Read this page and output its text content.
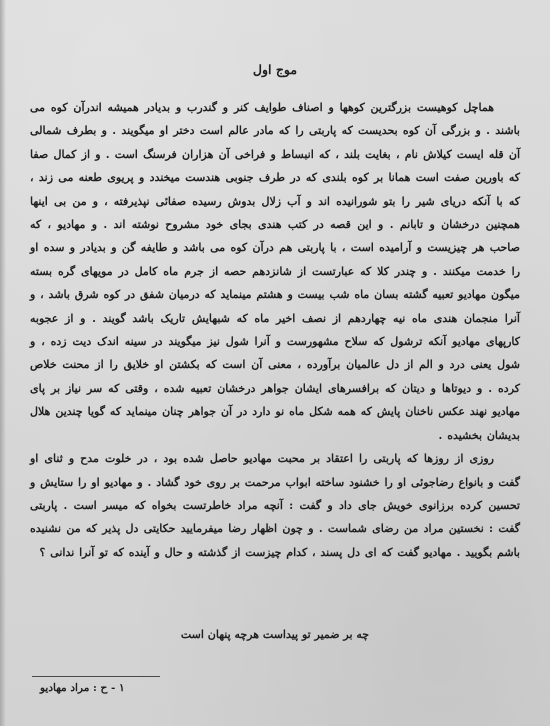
موج اول

هماچل کوهیست بزرگترین کوهها و اصناف طوایف کنر و گندرب و بدیادر همیشه اندرآن کوه می باشند . و بزرگی آن کوه بحدیست که پاربتی را که مادر عالم است دختر او میگویند . و بطرف شمالی آن قله ایست کیلاش نام ، بغایت بلند ، که انبساط و فراخی آن هزاران فرسنگ است . و از کمال صفا که باورین صفت است همانا بر کوه بلندی که در طرف جنوبی هندست میخندد و پریوی طعنه می زند ، که با آنکه دریای شیر را بتو شورانیده اند و آب زلال بدوش رسیده صفائی نپذیرفته ، و من بی اینها همچنین درخشان و تابانم . و این قصه در کتب هندی بجای خود مشروح نوشته اند . و مهادیو ، که صاحب هر چیزیست و آرامیده است ، با پاربتی هم درآن کوه می باشد و طایفه گن و بدیادر و سده او را خدمت میکنند . و چندر کلا که عبارتست از شانزدهم حصه از جرم ماه کامل در مویهای گره بسته میگون مهادیو تعبیه گشته بسان ماه شب بیست و هشتم مینماید که درمیان شفق در کوه شرق باشد ، و آنرا منجمان هندی ماه نیه چهاردهم از نصف اخیر ماه که شبهایش تاریک باشد گویند . و از عجوبه کارپهای مهادیو آنکه ترشول که سلاح مشهورست و آنرا شول نیز میگویند در سینه اندک دیت زده ، و شول یعنی درد و الم از دل عالمیان برآورده ، معنی آن است که بکشتن او خلایق را از محنت خلاص کرده . و دیوتاها و دیتان که برافسرهای ایشان جواهر درخشان تعبیه شده ، وقتی که سر نیاز بر پای مهادیو نهند عکس ناخنان پایش که همه شکل ماه نو دارد در آن جواهر چنان مینماید که گویا چندین هلال بدیشان بخشیده .

روزی از روزها که پاربتی را اعتقاد بر محبت مهادیو حاصل شده بود ، در خلوت مدح و ثنای او گفت و بانواع رضاجوئی او را خشنود ساخته ابواب مرحمت بر روی خود گشاد . و مهادیو او را ستایش و تحسین کرده برزانوی خویش جای داد و گفت : آنچه مراد خاطرتست بخواه که میسر است . پاربتی گفت : نخستین مراد من رضای شماست . و چون اظهار رضا میفرمایید حکایتی دل پذیر که من نشنیده باشم بگویید . مهادیو گفت که ای دل پسند ، کدام چیزست از گذشته و حال و آینده که تو آنرا ندانی ؟

چه بر ضمیر تو پیداست هرچه پنهان است
۱ - ح : مراد مهادیو
